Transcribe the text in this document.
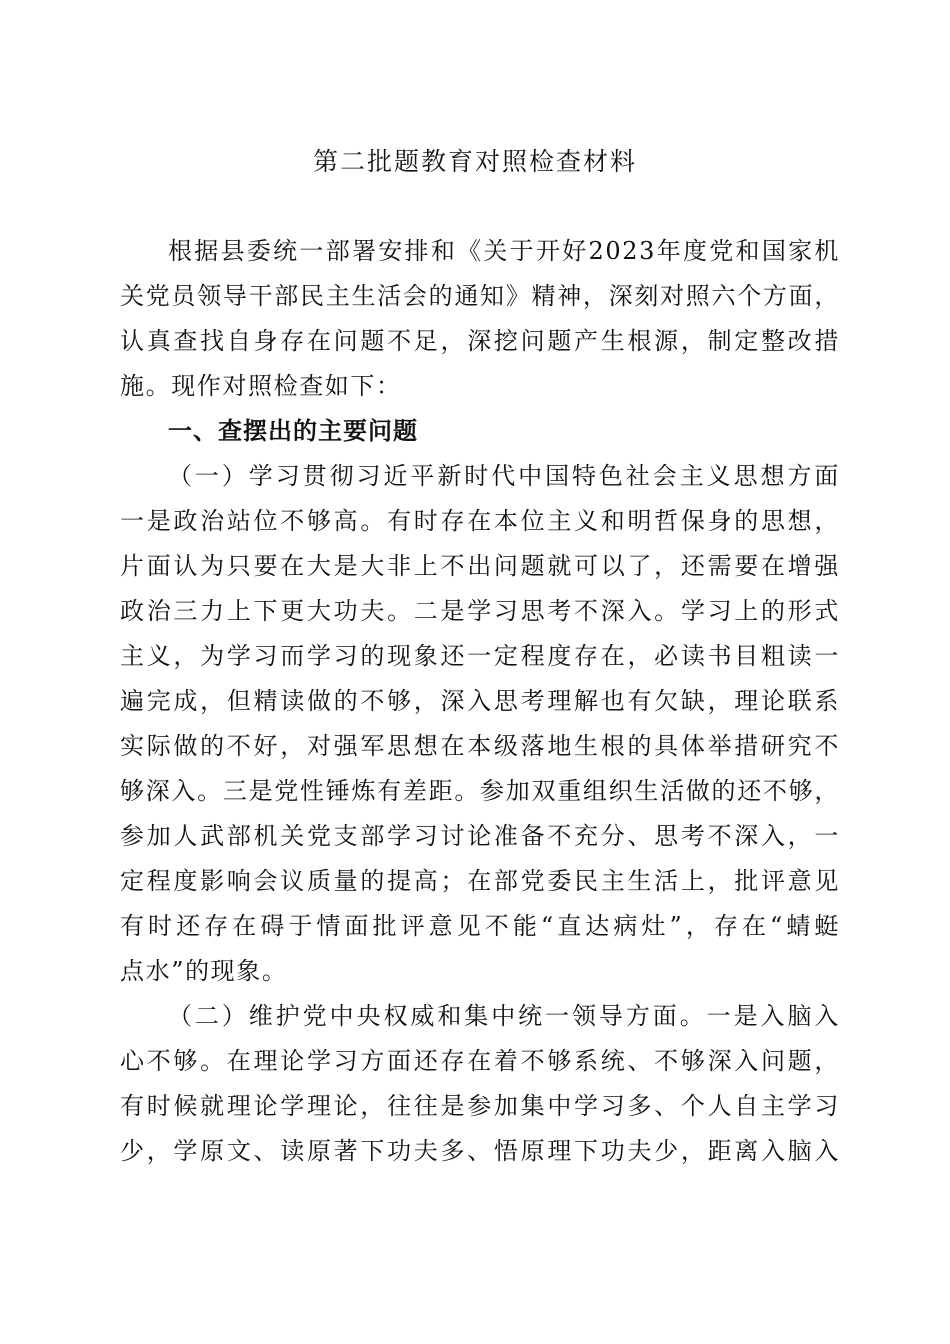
第二批题教育对照检查材料
根据县委统一部署安排和《关于开好2023年度党和国家机
关党员领导干部民主生活会的通知》精神，深刻对照六个方面，
认真查找自身存在问题不足，深挖问题产生根源，制定整改措
施。现作对照检查如下：
一、查摆出的主要问题
（一）学习贯彻习近平新时代中国特色社会主义思想方面
一是政治站位不够高。有时存在本位主义和明哲保身的思想，
片面认为只要在大是大非上不出问题就可以了，还需要在增强
政治三力上下更大功夫。二是学习思考不深入。学习上的形式
主义，为学习而学习的现象还一定程度存在，必读书目粗读一
遍完成，但精读做的不够，深入思考理解也有欠缺，理论联系
实际做的不好，对强军思想在本级落地生根的具体举措研究不
够深入。三是党性锤炼有差距。参加双重组织生活做的还不够，
参加人武部机关党支部学习讨论准备不充分、思考不深入，一
定程度影响会议质量的提高；在部党委民主生活上，批评意见
有时还存在碍于情面批评意见不能“直达病灶”，存在“蜻蜓
点水”的现象。
（二）维护党中央权威和集中统一领导方面。一是入脑入
心不够。在理论学习方面还存在着不够系统、不够深入问题，
有时候就理论学理论，往往是参加集中学习多、个人自主学习
少，学原文、读原著下功夫多、悟原理下功夫少，距离入脑入
